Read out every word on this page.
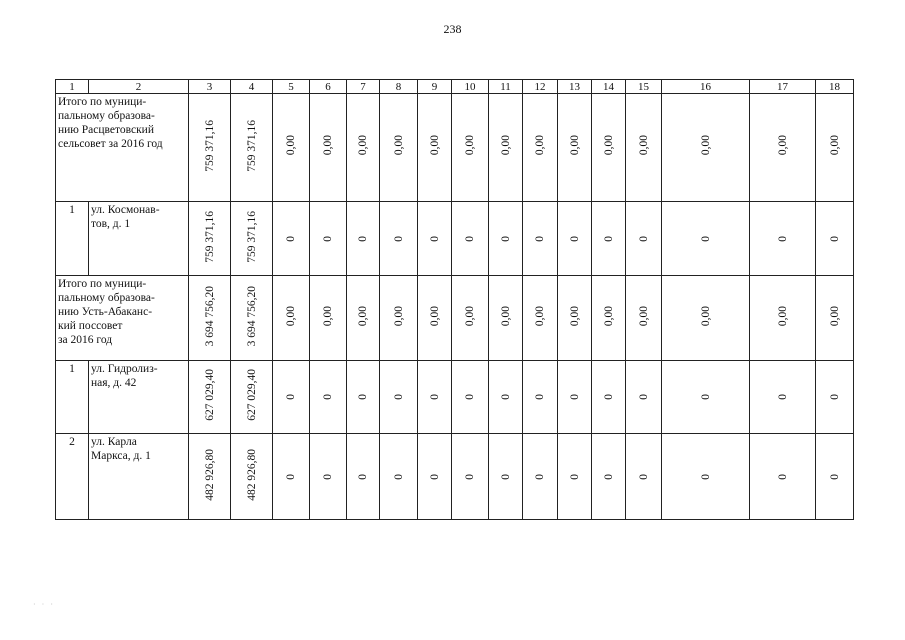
238
1	2	3	4	5	6	7	8	9	10	11	12	13	14	15	16	17	18

Итого по муници-
пальному образова-
нию Расцветовский
сельсовет за 2016 год		759 371,16	759 371,16	0,00	0,00	0,00	0,00	0,00	0,00	0,00	0,00	0,00	0,00	0,00	0,00	0,00	0,00
1	ул. Космонав-
тов, д. 1	759 371,16	759 371,16	0	0	0	0	0	0	0	0	0	0	0	0	0	0

Итого по муници-
пальному образова-
нию Усть-Абаканс-
кий поссовет
за 2016 год		3 694 756,20	3 694 756,20	0,00	0,00	0,00	0,00	0,00	0,00	0,00	0,00	0,00	0,00	0,00	0,00	0,00	0,00
1	ул. Гидролиз-
ная, д. 42	627 029,40	627 029,40	0	0	0	0	0	0	0	0	0	0	0	0	0	0
2	ул. Карла
Маркса, д. 1	482 926,80	482 926,80	0	0	0	0	0	0	0	0	0	0	0	0	0	0
· · ·
